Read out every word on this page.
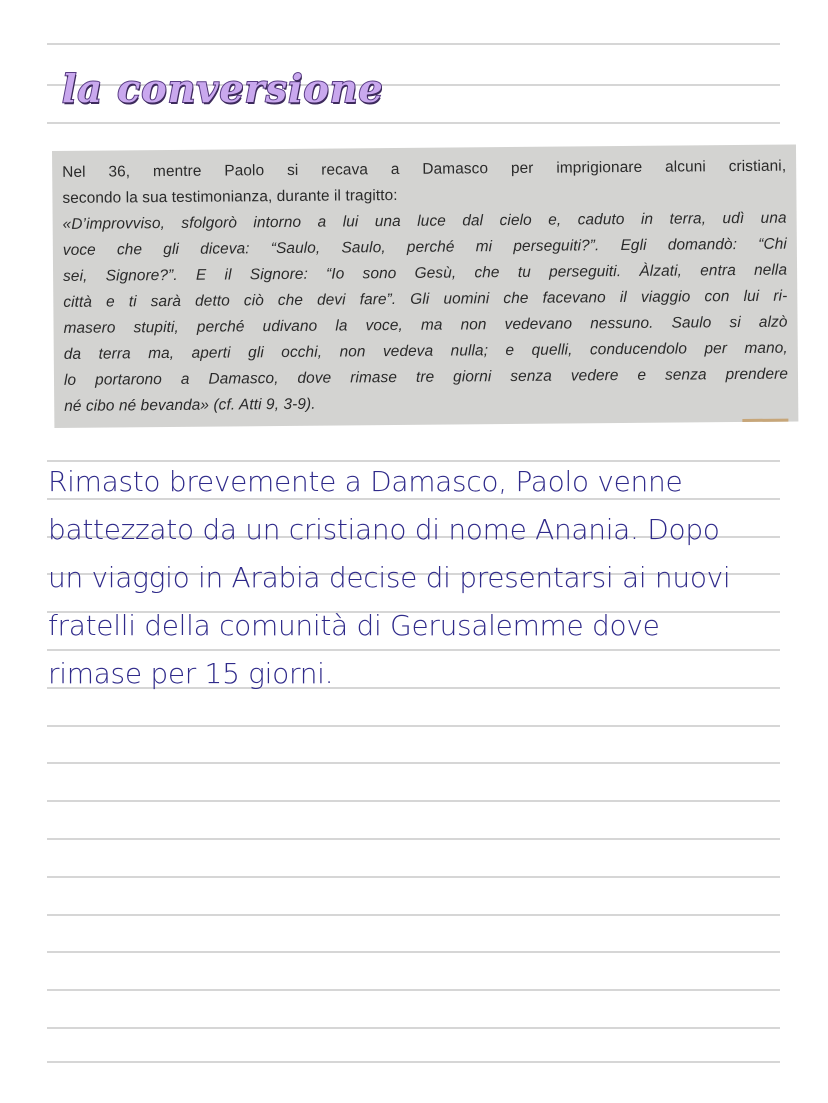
la conversione
Nel 36, mentre Paolo si recava a Damasco per imprigionare alcuni cristiani,
secondo la sua testimonianza, durante il tragitto:
«D’improvviso, sfolgorò intorno a lui una luce dal cielo e, caduto in terra, udì una
voce che gli diceva: “Saulo, Saulo, perché mi perseguiti?”. Egli domandò: “Chi
sei, Signore?”. E il Signore: “Io sono Gesù, che tu perseguiti. Àlzati, entra nella
città e ti sarà detto ciò che devi fare”. Gli uomini che facevano il viaggio con lui ri-
masero stupiti, perché udivano la voce, ma non vedevano nessuno. Saulo si alzò
da terra ma, aperti gli occhi, non vedeva nulla; e quelli, conducendolo per mano,
lo portarono a Damasco, dove rimase tre giorni senza vedere e senza prendere
né cibo né bevanda» (cf. Atti 9, 3-9).
Rimasto brevemente a Damasco, Paolo venne
battezzato da un cristiano di nome Anania. Dopo
un viaggio in Arabia decise di presentarsi ai nuovi
fratelli della comunità di Gerusalemme dove
rimase per 15 giorni.
